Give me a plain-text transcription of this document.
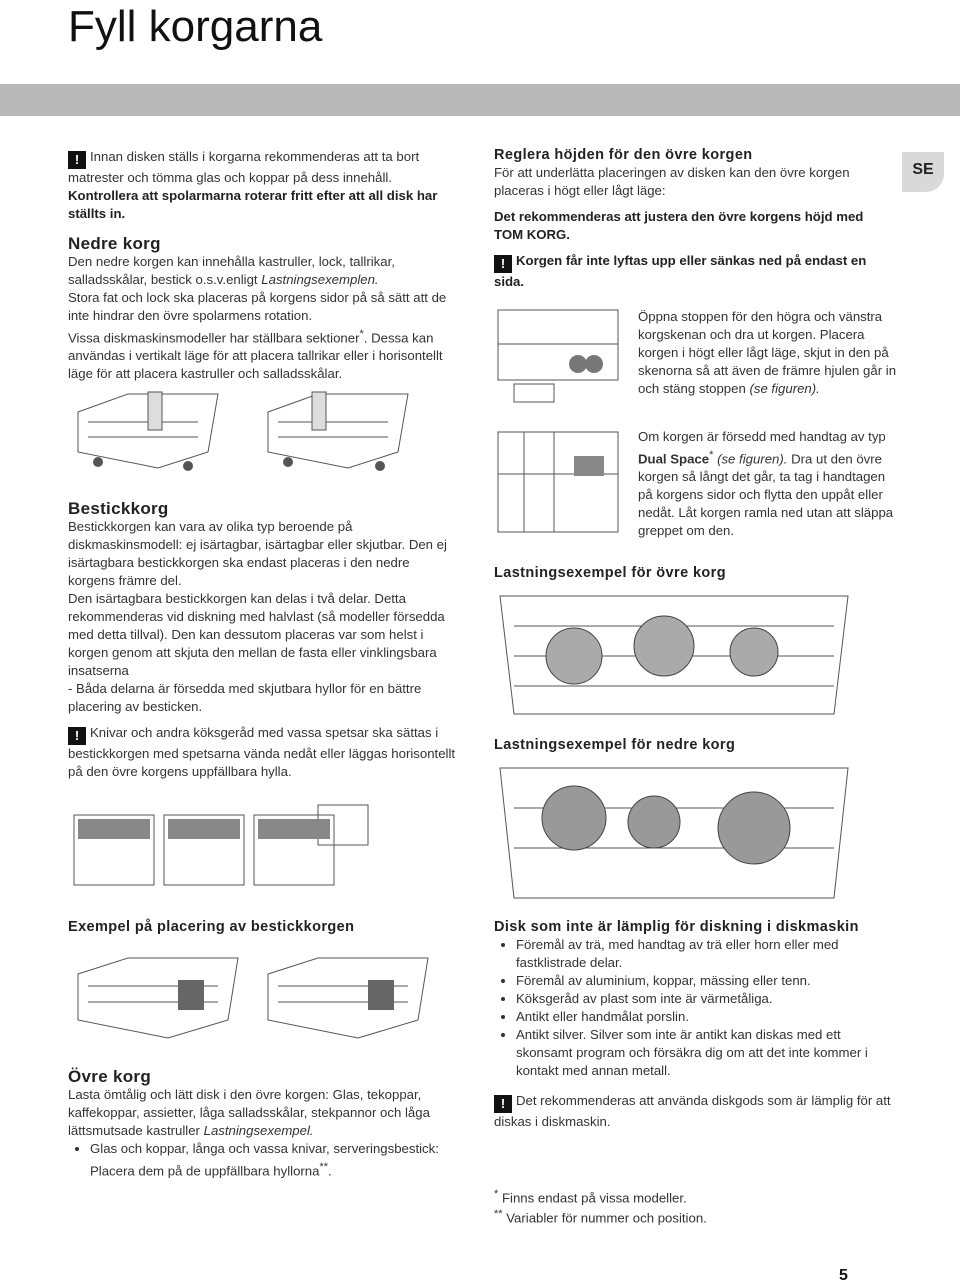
Fyll korgarna
SE

! Innan disken ställs i korgarna rekommenderas att ta bort matrester och tömma glas och koppar på dess innehåll.

Kontrollera att spolarmarna roterar fritt efter att all disk har ställts in.

Nedre korg

Den nedre korgen kan innehålla kastruller, lock, tallrikar, salladsskålar, bestick o.s.v.enligt Lastningsexemplen.

Stora fat och lock ska placeras på korgens sidor på så sätt att de inte hindrar den övre spolarmens rotation.

Vissa diskmaskinsmodeller har ställbara sektioner*. Dessa kan användas i vertikalt läge för att placera tallrikar eller i horisontellt läge för att placera kastruller och salladsskålar.

Bestickkorg

Bestickkorgen kan vara av olika typ beroende på diskmaskinsmodell: ej isärtagbar, isärtagbar eller skjutbar. Den ej isärtagbara bestickkorgen ska endast placeras i den nedre korgens främre del.

Den isärtagbara bestickkorgen kan delas i två delar. Detta rekommenderas vid diskning med halvlast (så modeller försedda med detta tillval). Den kan dessutom placeras var som helst i korgen genom att skjuta den mellan de fasta eller vinklingsbara insatserna

- Båda delarna är försedda med skjutbara hyllor för en bättre placering av besticken.

! Knivar och andra köksgeråd med vassa spetsar ska sättas i bestickkorgen med spetsarna vända nedåt eller läggas horisontellt på den övre korgens uppfällbara hylla.

Exempel på placering av bestickkorgen

Övre korg

Lasta ömtålig och lätt disk i den övre korgen: Glas, tekoppar, kaffekoppar, assietter, låga salladsskålar, stekpannor och låga lättsmutsade kastruller Lastningsexempel.

• Glas och koppar, långa och vassa knivar, serveringsbestick: Placera dem på de uppfällbara hyllorna**.

Reglera höjden för den övre korgen

För att underlätta placeringen av disken kan den övre korgen placeras i högt eller lågt läge:

Det rekommenderas att justera den övre korgens höjd med TOM KORG.

! Korgen får inte lyftas upp eller sänkas ned på endast en sida.

Öppna stoppen för den högra och vänstra korgskenan och dra ut korgen. Placera korgen i högt eller lågt läge, skjut in den på skenorna så att även de främre hjulen går in och stäng stoppen (se figuren).

Om korgen är försedd med handtag av typ Dual Space* (se figuren). Dra ut den övre korgen så långt det går, ta tag i handtagen på korgens sidor och flytta den uppåt eller nedåt. Låt korgen ramla ned utan att släppa greppet om den.

Lastningsexempel för övre korg

Lastningsexempel för nedre korg

Disk som inte är lämplig för diskning i diskmaskin

• Föremål av trä, med handtag av trä eller horn eller med fastklistrade delar.
• Föremål av aluminium, koppar, mässing eller tenn.
• Köksgeråd av plast som inte är värmetåliga.
• Antikt eller handmålat porslin.
• Antikt silver. Silver som inte är antikt kan diskas med ett skonsamt program och försäkra dig om att det inte kommer i kontakt med annan metall.

! Det rekommenderas att använda diskgods som är lämplig för att diskas i diskmaskin.

* Finns endast på vissa modeller.
** Variabler för nummer och position.
5
